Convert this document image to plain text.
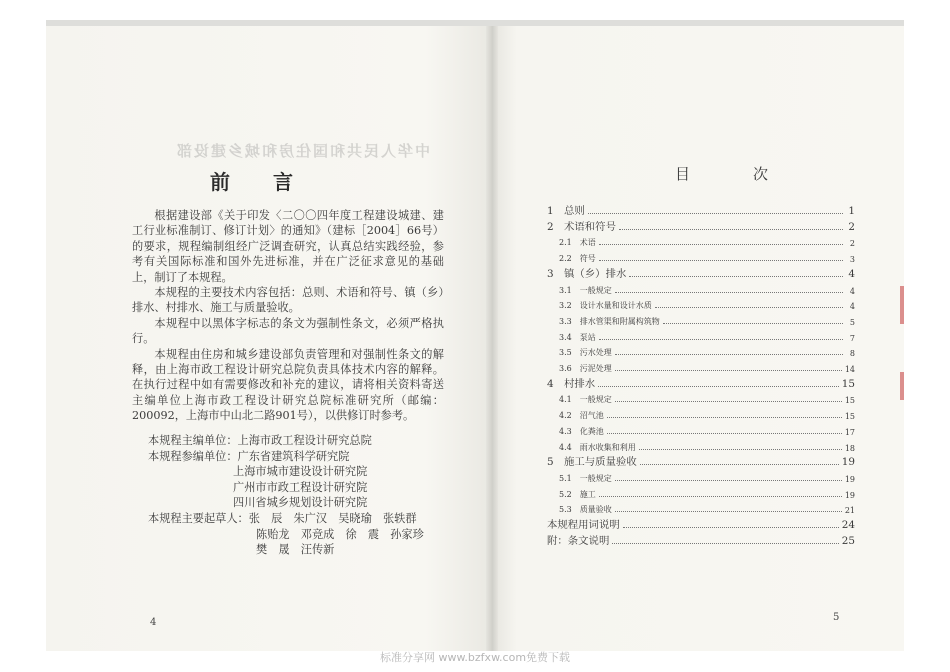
中华人民共和国住房和城乡建设部
前 言

根据建设部《关于印发〈二〇〇四年度工程建设城建、建工行业标准制订、修订计划〉的通知》（建标［2004］66号）的要求，规程编制组经广泛调查研究，认真总结实践经验，参考有关国际标准和国外先进标准，并在广泛征求意见的基础上，制订了本规程。

本规程的主要技术内容包括：总则、术语和符号、镇（乡）排水、村排水、施工与质量验收。

本规程中以黑体字标志的条文为强制性条文，必须严格执行。

本规程由住房和城乡建设部负责管理和对强制性条文的解释，由上海市政工程设计研究总院负责具体技术内容的解释。在执行过程中如有需要修改和补充的建议，请将相关资料寄送主编单位上海市政工程设计研究总院标准研究所（邮编：200092，上海市中山北二路901号），以供修订时参考。

本规程主编单位：上海市政工程设计研究总院
本规程参编单位：广东省建筑科学研究院
上海市城市建设设计研究院
广州市市政工程设计研究院
四川省城乡规划设计研究院
本规程主要起草人：张　辰　朱广汉　吴晓瑜　张轶群
陈贻龙　邓竞成　徐　震　孙家珍
樊　晟　汪传新
4
目　次
1　总则	1
2　术语和符号	2
2.1　术语	2
2.2　符号	3
3　镇（乡）排水	4
3.1　一般规定	4
3.2　设计水量和设计水质	4
3.3　排水管渠和附属构筑物	5
3.4　泵站	7
3.5　污水处理	8
3.6　污泥处理	14
4　村排水	15
4.1　一般规定	15
4.2　沼气池	15
4.3　化粪池	17
4.4　雨水收集和利用	18
5　施工与质量验收	19
5.1　一般规定	19
5.2　施工	19
5.3　质量验收	21
本规程用词说明	24
附：条文说明	25
5
标准分享网 www.bzfxw.com免费下载
